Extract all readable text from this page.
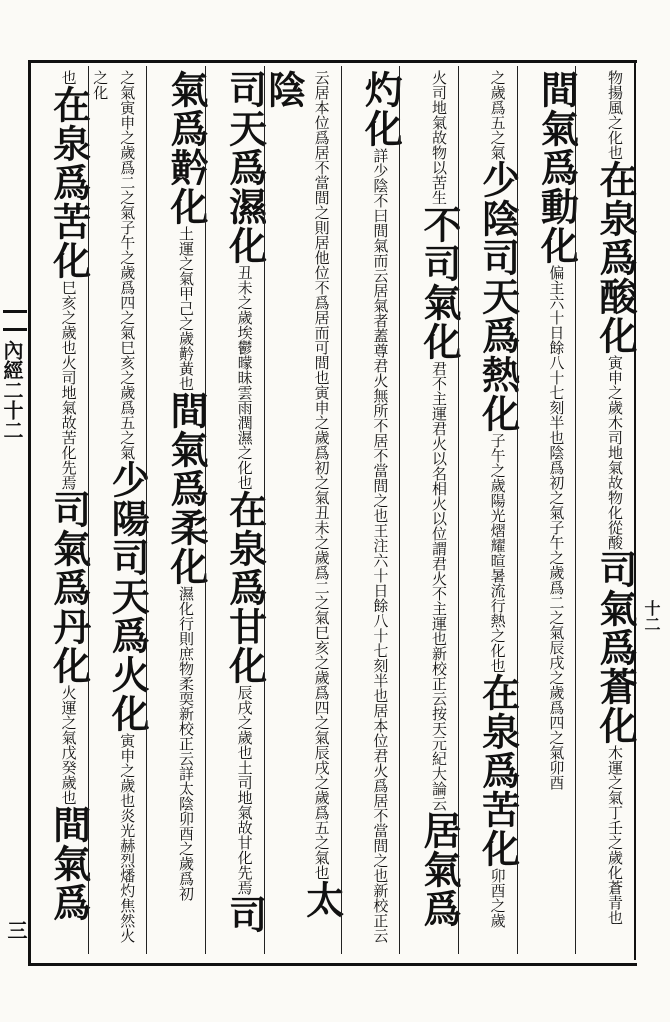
內經二十二
三
十二
物揚風之化也在泉爲酸化寅申之歲木司地氣故物化從酸司氣爲蒼化木運之氣丁壬之歲化蒼青也
間氣爲動化偏主六十日餘八十七刻半也陰爲初之氣子午之歲爲二之氣辰戌之歲爲四之氣卯酉
之歲爲五之氣少陰司天爲熱化子午之歲陽光熠耀暄暑流行熱之化也在泉爲苦化卯酉之歲
火司地氣故物以苦生不司氣化君不主運君火以名相火以位謂君火不主運也新校正云按天元紀大論云居氣爲
灼化詳少陰不曰間氣而云居氣者蓋尊君火無所不居不當間之也王注六十日餘八十七刻半也居本位君火爲居不當間之也新校正云
云居本位爲居不當間之則居他位不爲居而可間也寅申之歲爲初之氣丑未之歲爲二之氣巳亥之歲爲四之氣辰戌之歲爲五之氣也太陰
司天爲濕化丑未之歲埃鬱曚昧雲雨潤濕之化也在泉爲甘化辰戌之歲也土司地氣故甘化先焉司
氣爲黅化土運之氣甲己之歲黅黃也間氣爲柔化濕化行則庶物柔耎新校正云詳太陰卯酉之歲爲初
之氣寅申之歲爲二之氣子午之歲爲四之氣巳亥之歲爲五之氣少陽司天爲火化寅申之歲也炎光赫烈燔灼焦然火之化
也在泉爲苦化巳亥之歲也火司地氣故苦化先焉司氣爲丹化火運之氣戊癸歲也間氣爲
